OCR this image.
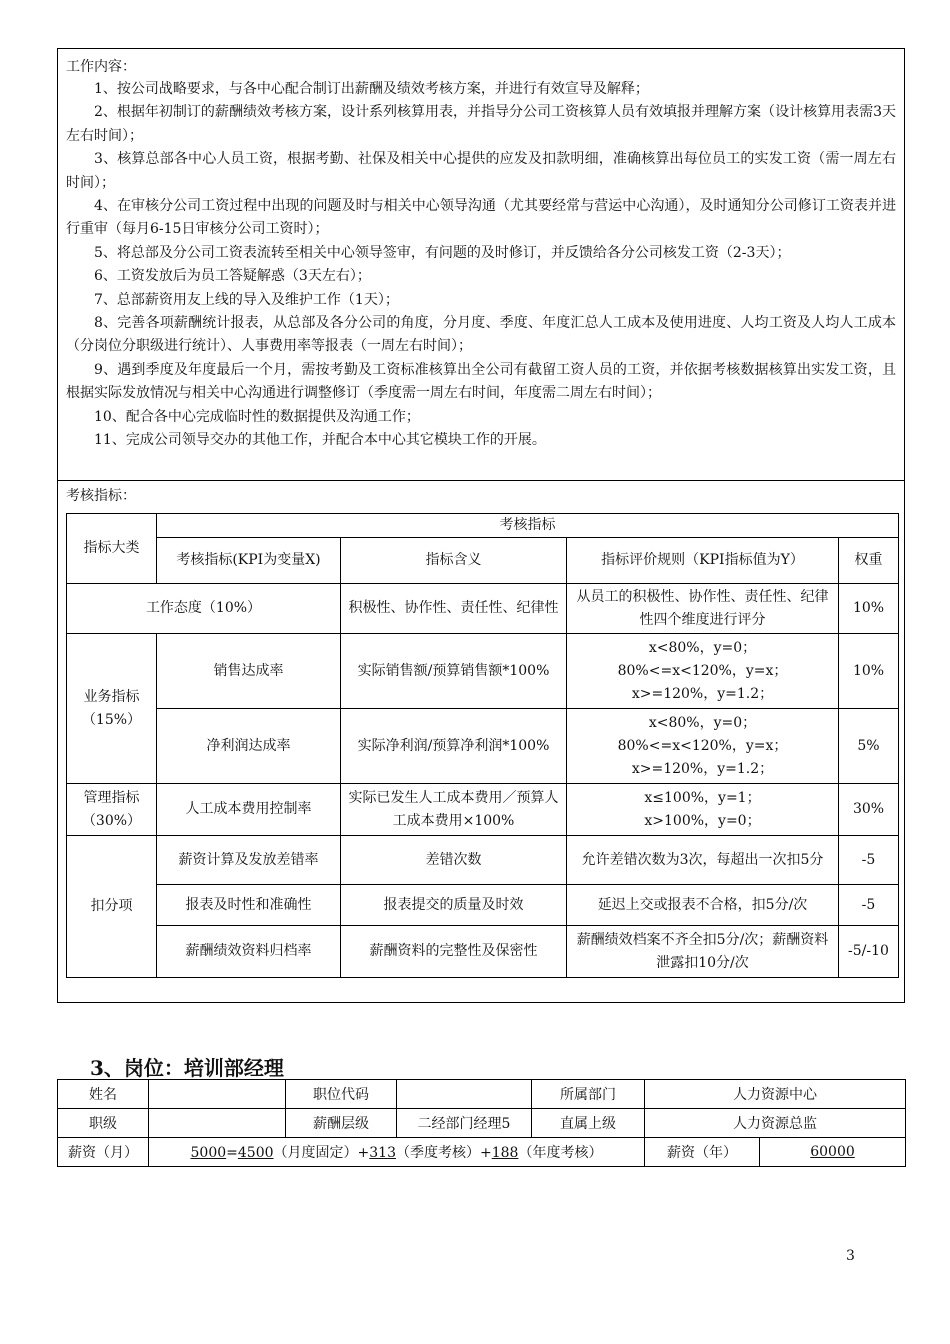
工作内容：
1、按公司战略要求，与各中心配合制订出薪酬及绩效考核方案，并进行有效宣导及解释；
2、根据年初制订的薪酬绩效考核方案，设计系列核算用表，并指导分公司工资核算人员有效填报并理解方案（设计核算用表需3天左右时间）；
3、核算总部各中心人员工资，根据考勤、社保及相关中心提供的应发及扣款明细，准确核算出每位员工的实发工资（需一周左右时间）；
4、在审核分公司工资过程中出现的问题及时与相关中心领导沟通（尤其要经常与营运中心沟通），及时通知分公司修订工资表并进行重审（每月6-15日审核分公司工资时）；
5、将总部及分公司工资表流转至相关中心领导签审，有问题的及时修订，并反馈给各分公司核发工资（2-3天）；
6、工资发放后为员工答疑解惑（3天左右）；
7、总部薪资用友上线的导入及维护工作（1天）；
8、完善各项薪酬统计报表，从总部及各分公司的角度，分月度、季度、年度汇总人工成本及使用进度、人均工资及人均人工成本（分岗位分职级进行统计）、人事费用率等报表（一周左右时间）；
9、遇到季度及年度最后一个月，需按考勤及工资标准核算出全公司有截留工资人员的工资，并依据考核数据核算出实发工资，且根据实际发放情况与相关中心沟通进行调整修订（季度需一周左右时间，年度需二周左右时间）；
10、配合各中心完成临时性的数据提供及沟通工作；
11、完成公司领导交办的其他工作，并配合本中心其它模块工作的开展。
考核指标：
指标大类	考核指标			
	考核指标(KPI为变量X)	指标含义	指标评价规则（KPI指标值为Y）	权重
工作态度（10%）		积极性、协作性、责任性、纪律性	从员工的积极性、协作性、责任性、纪律性四个维度进行评分	10%
业务指标（15%）	销售达成率	实际销售额/预算销售额*100%	x<80%，y=0；
80%<=x<120%，y=x；
x>=120%，y=1.2；	10%
	净利润达成率	实际净利润/预算净利润*100%	x<80%，y=0；
80%<=x<120%，y=x；
x>=120%，y=1.2；	5%
管理指标（30%）	人工成本费用控制率	实际已发生人工成本费用／预算人工成本费用×100%	x≤100%，y=1；
x>100%，y=0；	30%
扣分项	薪资计算及发放差错率	差错次数	允许差错次数为3次，每超出一次扣5分	-5
	报表及时性和准确性	报表提交的质量及时效	延迟上交或报表不合格，扣5分/次	-5
	薪酬绩效资料归档率	薪酬资料的完整性及保密性	薪酬绩效档案不齐全扣5分/次；薪酬资料泄露扣10分/次	-5/-10
3、岗位：培训部经理
姓名		职位代码		所属部门	人力资源中心	
职级		薪酬层级	二经部门经理5	直属上级	人力资源总监	
薪资（月）	5000=4500（月度固定）+313（季度考核）+188（年度考核）				薪资（年）	60000
3
